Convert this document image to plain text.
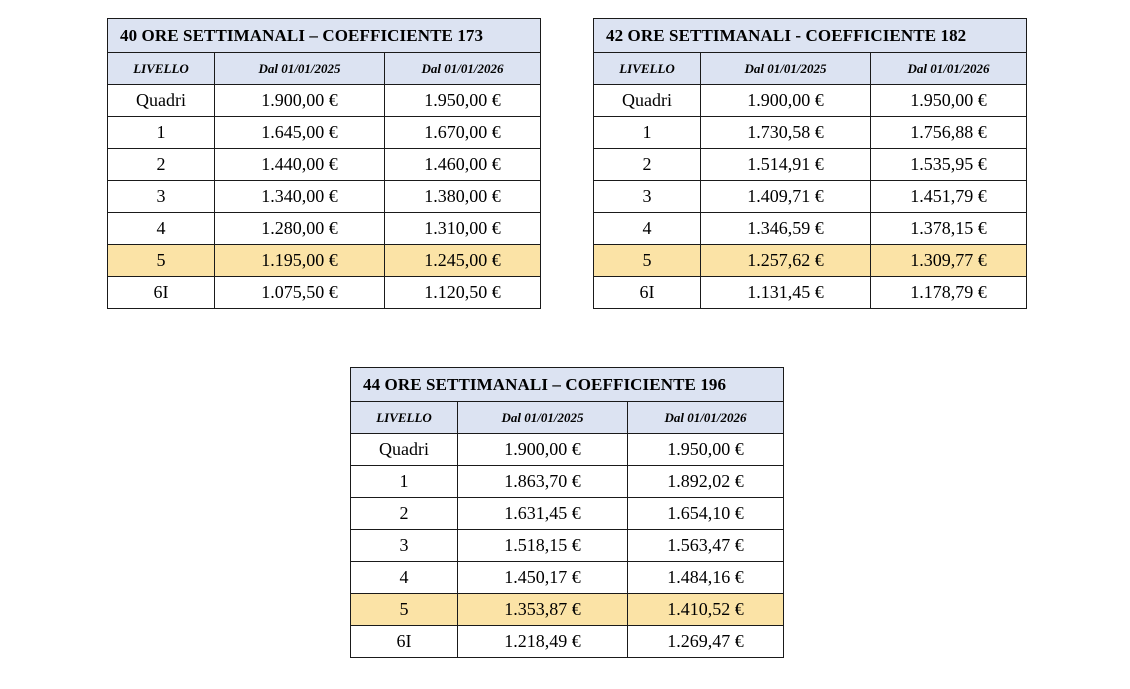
40 ORE SETTIMANALI – COEFFICIENTE 173		
LIVELLO	Dal 01/01/2025	Dal 01/01/2026
Quadri	1.900,00 €	1.950,00 €
1	1.645,00 €	1.670,00 €
2	1.440,00 €	1.460,00 €
3	1.340,00 €	1.380,00 €
4	1.280,00 €	1.310,00 €
5	1.195,00 €	1.245,00 €
6I	1.075,50 €	1.120,50 €
42 ORE SETTIMANALI - COEFFICIENTE 182		
LIVELLO	Dal 01/01/2025	Dal 01/01/2026
Quadri	1.900,00 €	1.950,00 €
1	1.730,58 €	1.756,88 €
2	1.514,91 €	1.535,95 €
3	1.409,71 €	1.451,79 €
4	1.346,59 €	1.378,15 €
5	1.257,62 €	1.309,77 €
6I	1.131,45 €	1.178,79 €
44 ORE SETTIMANALI – COEFFICIENTE 196		
LIVELLO	Dal 01/01/2025	Dal 01/01/2026
Quadri	1.900,00 €	1.950,00 €
1	1.863,70 €	1.892,02 €
2	1.631,45 €	1.654,10 €
3	1.518,15 €	1.563,47 €
4	1.450,17 €	1.484,16 €
5	1.353,87 €	1.410,52 €
6I	1.218,49 €	1.269,47 €
